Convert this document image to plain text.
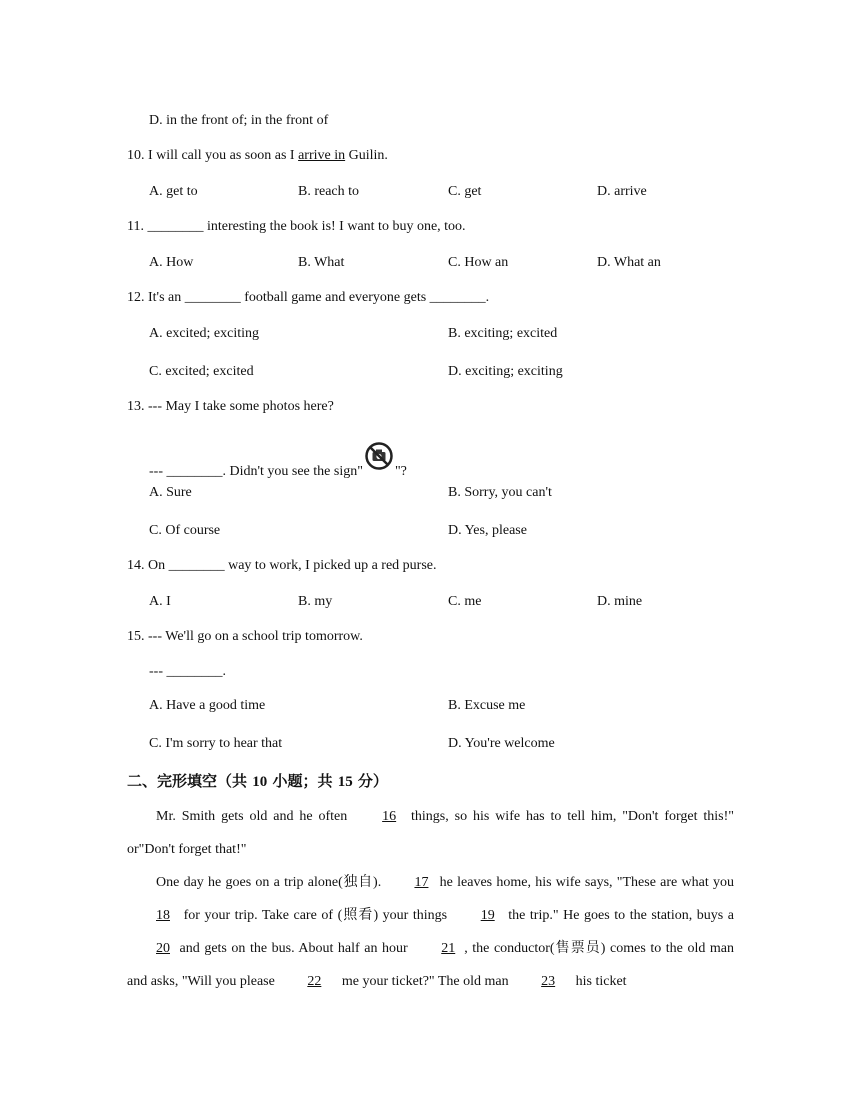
D. in the front of; in the front of
10. I will call you as soon as I arrive in Guilin.
A. get to	B. reach to	C. get	D. arrive
11. ________ interesting the book is! I want to buy one, too.
A. How	B. What	C. How an	D. What an
12. It's an ________ football game and everyone gets ________.
A. excited; exciting	B. exciting; excited
C. excited; excited	D. exciting; exciting
13. --- May I take some photos here?
--- ________. Didn't you see the sign" "?
A. Sure	B. Sorry, you can't
C. Of course	D. Yes, please
14. On ________ way to work, I picked up a red purse.
A. I	B. my	C. me	D. mine
15. --- We'll go on a school trip tomorrow.
--- ________.
A. Have a good time	B. Excuse me
C. I'm sorry to hear that	D. You're welcome
二、完形填空（共 10 小题；共 15 分）
Mr. Smith gets old and he often 16 things, so his wife has to tell him, "Don't forget this!" or"Don't forget that!"
One day he goes on a trip alone(独自). 17 he leaves home, his wife says, "These are what you 18 for your trip. Take care of (照看) your things 19 the trip." He goes to the station, buys a 20 and gets on the bus. About half an hour 21 , the conductor(售票员) comes to the old man and asks, "Will you please 22 me your ticket?" The old man 23 his ticket
